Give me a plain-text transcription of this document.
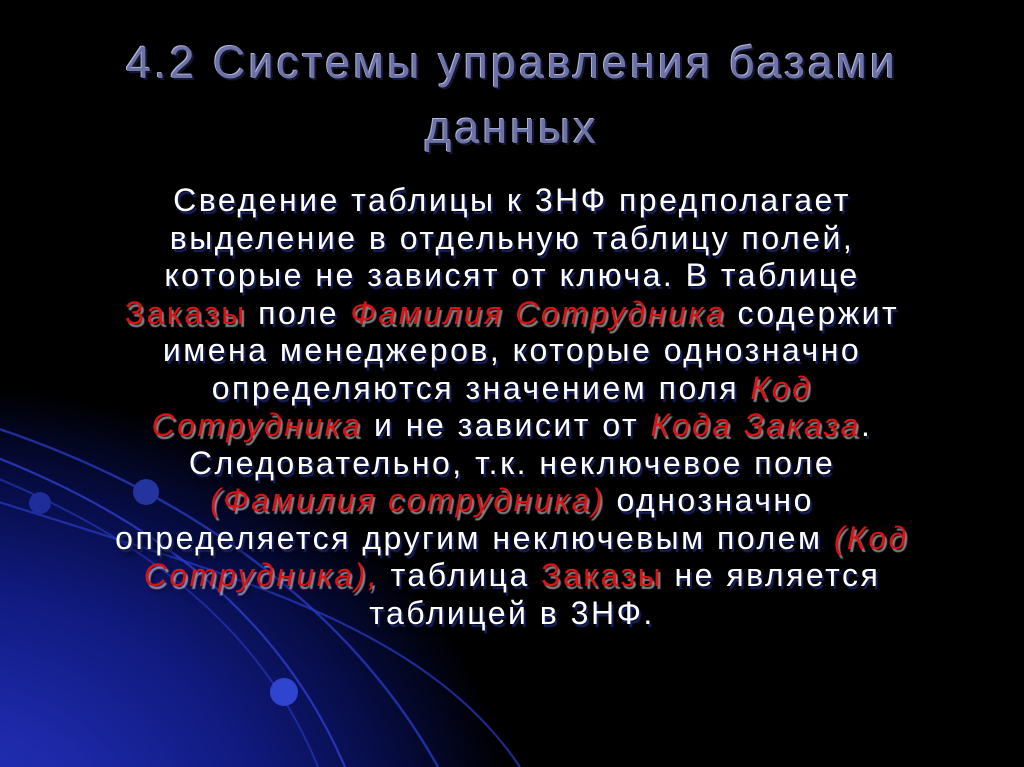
4.2 Системы управления базами данных
Сведение таблицы к 3НФ предполагает
выделение в отдельную таблицу полей,
которые не зависят от ключа. В таблице
Заказы поле Фамилия Сотрудника содержит
имена менеджеров, которые однозначно
определяются значением поля Код
Сотрудника и не зависит от Кода Заказа.
Следовательно, т.к. неключевое поле
(Фамилия сотрудника) однозначно
определяется другим неключевым полем (Код
Сотрудника), таблица Заказы не является
таблицей в 3НФ.
